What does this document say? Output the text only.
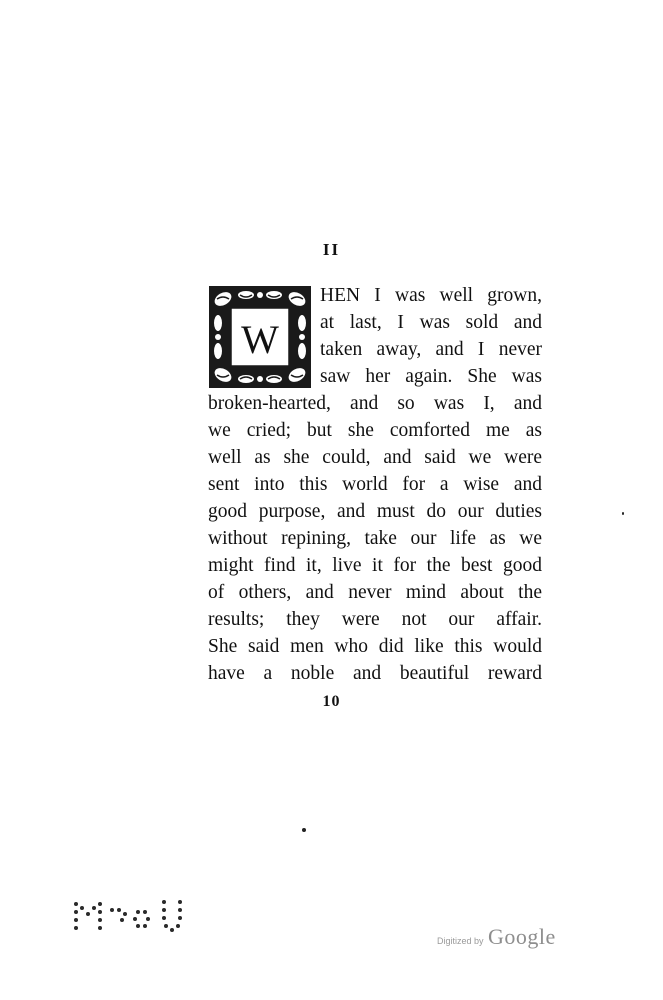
II
W
HEN I was well grown,
at last, I was sold and
taken away, and I never
saw her again. She was
broken-hearted, and so was I, and
we cried; but she comforted me as
well as she could, and said we were
sent into this world for a wise and
good purpose, and must do our duties
without repining, take our life as we
might find it, live it for the best good
of others, and never mind about the
results; they were not our affair.
She said men who did like this would
have a noble and beautiful reward
10
Digitized by Google
